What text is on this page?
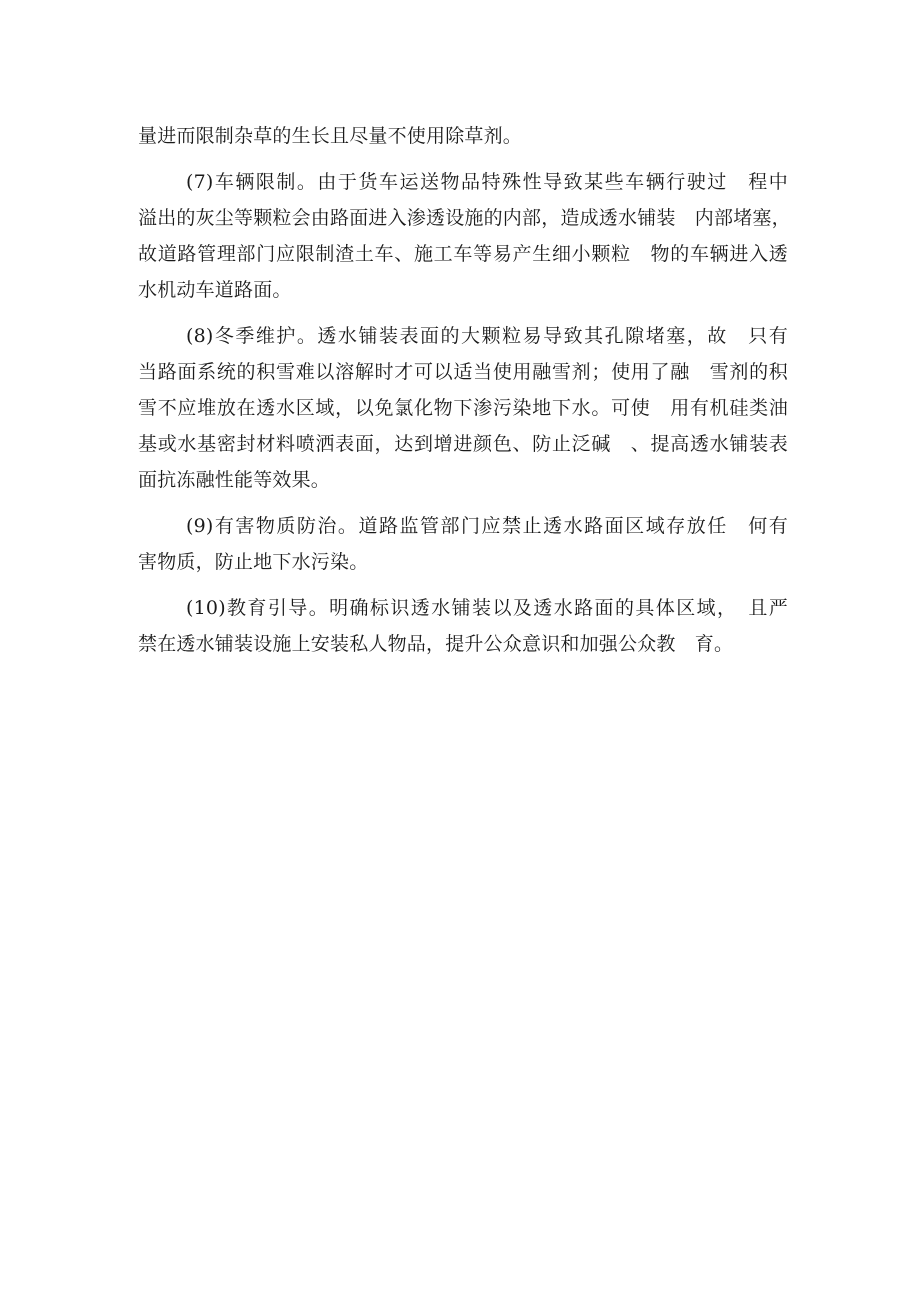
量进而限制杂草的生长且尽量不使用除草剂。
(7)车辆限制。由于货车运送物品特殊性导致某些车辆行驶过　程中
溢出的灰尘等颗粒会由路面进入渗透设施的内部，造成透水铺装　内部堵塞，
故道路管理部门应限制渣土车、施工车等易产生细小颗粒　物的车辆进入透
水机动车道路面。
(8)冬季维护。透水铺装表面的大颗粒易导致其孔隙堵塞，故　只有
当路面系统的积雪难以溶解时才可以适当使用融雪剂；使用了融　雪剂的积
雪不应堆放在透水区域，以免氯化物下渗污染地下水。可使　用有机硅类油
基或水基密封材料喷洒表面，达到增进颜色、防止泛碱　、提高透水铺装表
面抗冻融性能等效果。
(9)有害物质防治。道路监管部门应禁止透水路面区域存放任　何有
害物质，防止地下水污染。
(10)教育引导。明确标识透水铺装以及透水路面的具体区域，　且严
禁在透水铺装设施上安装私人物品，提升公众意识和加强公众教　育。
